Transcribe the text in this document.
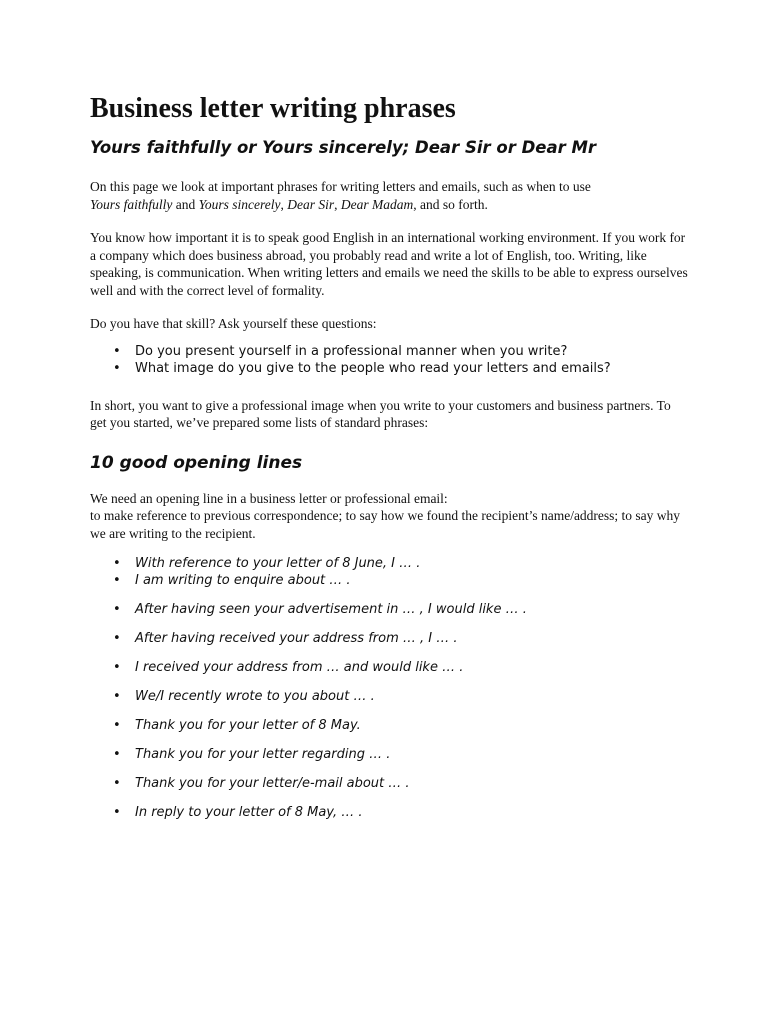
Business letter writing phrases
Yours faithfully or Yours sincerely; Dear Sir or Dear Mr

On this page we look at important phrases for writing letters and emails, such as when to use
Yours faithfully and Yours sincerely, Dear Sir, Dear Madam, and so forth.

You know how important it is to speak good English in an international working environment. If you work for a company which does business abroad, you probably read and write a lot of English, too. Writing, like speaking, is communication. When writing letters and emails we need the skills to be able to express ourselves well and with the correct level of formality.

Do you have that skill? Ask yourself these questions:

• Do you present yourself in a professional manner when you write?
• What image do you give to the people who read your letters and emails?

In short, you want to give a professional image when you write to your customers and business partners. To get you started, we’ve prepared some lists of standard phrases:

10 good opening lines

We need an opening line in a business letter or professional email:
to make reference to previous correspondence; to say how we found the recipient’s name/address; to say why we are writing to the recipient.

• With reference to your letter of 8 June, I … .
• I am writing to enquire about … .
• After having seen your advertisement in … , I would like … .
• After having received your address from … , I … .
• I received your address from … and would like … .
• We/I recently wrote to you about … .
• Thank you for your letter of 8 May.
• Thank you for your letter regarding … .
• Thank you for your letter/e-mail about … .
• In reply to your letter of 8 May, … .
